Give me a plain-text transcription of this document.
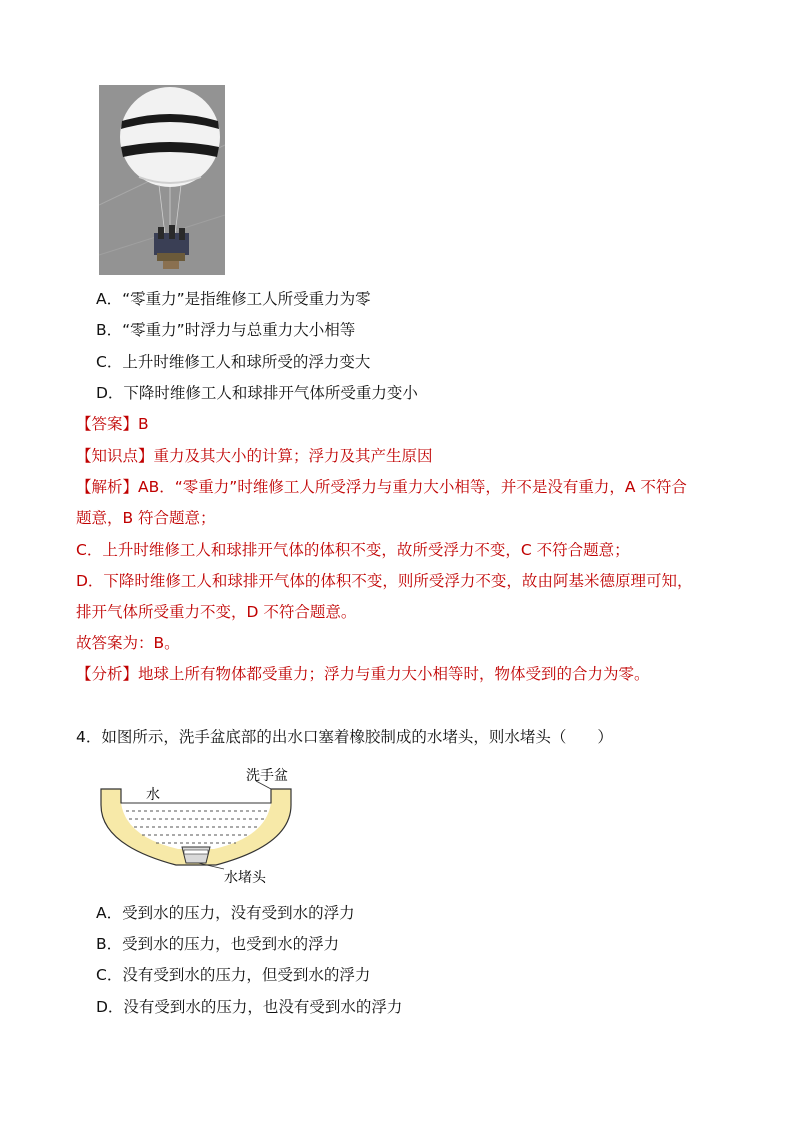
A．“零重力”是指维修工人所受重力为零
B．“零重力”时浮力与总重力大小相等
C．上升时维修工人和球所受的浮力变大
D．下降时维修工人和球排开气体所受重力变小
【答案】B
【知识点】重力及其大小的计算；浮力及其产生原因
【解析】AB．“零重力”时维修工人所受浮力与重力大小相等，并不是没有重力，A 不符合
题意，B 符合题意；
C．上升时维修工人和球排开气体的体积不变，故所受浮力不变，C 不符合题意；
D．下降时维修工人和球排开气体的体积不变，则所受浮力不变，故由阿基米德原理可知，
排开气体所受重力不变，D 不符合题意。
故答案为：B。
【分析】地球上所有物体都受重力；浮力与重力大小相等时，物体受到的合力为零。
4．如图所示，洗手盆底部的出水口塞着橡胶制成的水堵头，则水堵头（　　）
洗手盆
水
水堵头
A．受到水的压力，没有受到水的浮力
B．受到水的压力，也受到水的浮力
C．没有受到水的压力，但受到水的浮力
D．没有受到水的压力，也没有受到水的浮力
